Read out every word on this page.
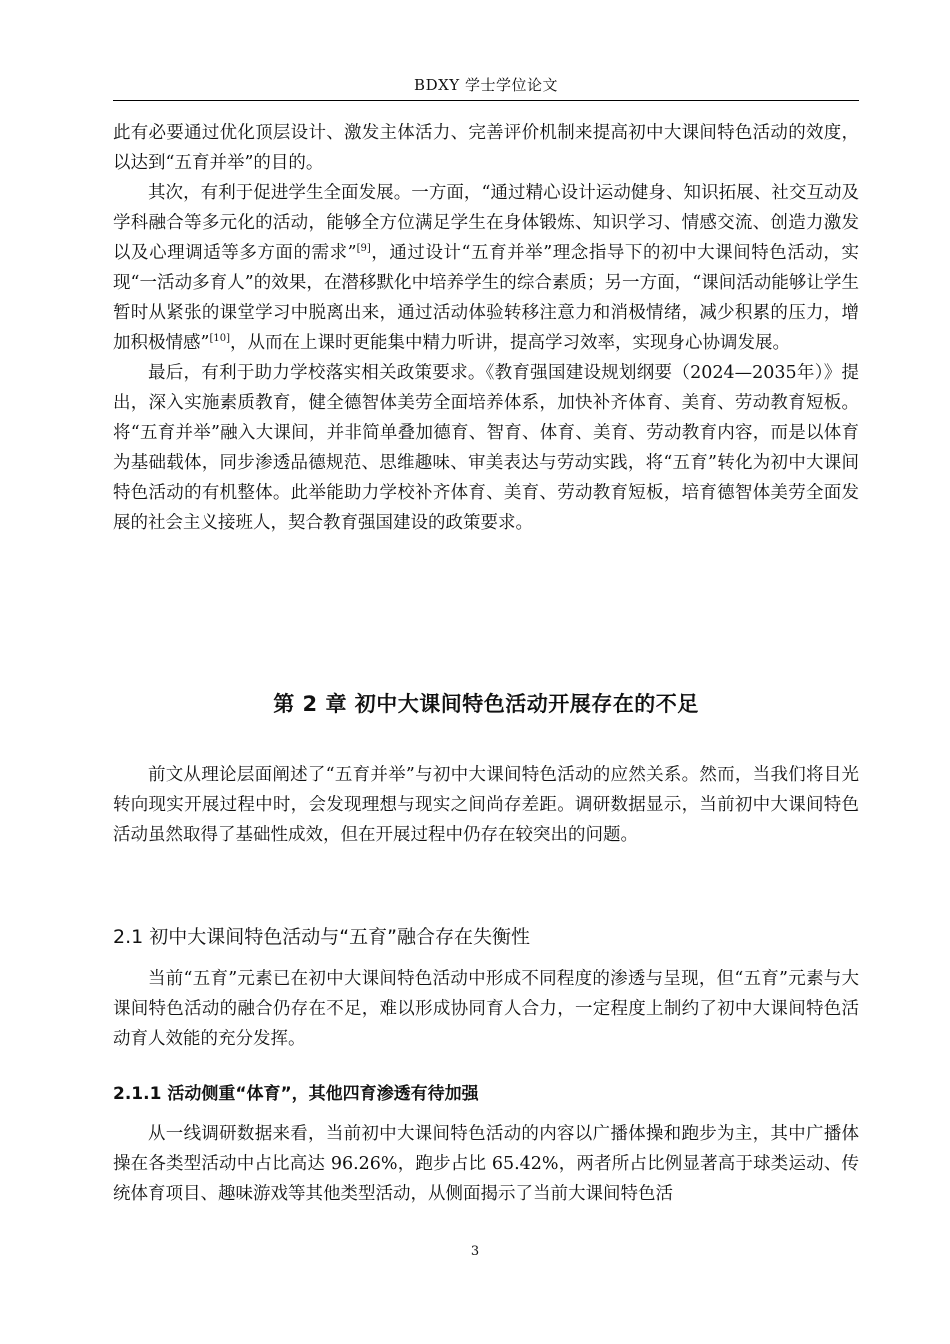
BDXY 学士学位论文

此有必要通过优化顶层设计、激发主体活力、完善评价机制来提高初中大课间特色活动的效度，以达到“五育并举”的目的。

其次，有利于促进学生全面发展。一方面，“通过精心设计运动健身、知识拓展、社交互动及学科融合等多元化的活动，能够全方位满足学生在身体锻炼、知识学习、情感交流、创造力激发以及心理调适等多方面的需求”[9]，通过设计“五育并举”理念指导下的初中大课间特色活动，实现“一活动多育人”的效果，在潜移默化中培养学生的综合素质；另一方面，“课间活动能够让学生暂时从紧张的课堂学习中脱离出来，通过活动体验转移注意力和消极情绪，减少积累的压力，增加积极情感”[10]，从而在上课时更能集中精力听讲，提高学习效率，实现身心协调发展。

最后，有利于助力学校落实相关政策要求。《教育强国建设规划纲要（2024—2035年）》提出，深入实施素质教育，健全德智体美劳全面培养体系，加快补齐体育、美育、劳动教育短板。将“五育并举”融入大课间，并非简单叠加德育、智育、体育、美育、劳动教育内容，而是以体育为基础载体，同步渗透品德规范、思维趣味、审美表达与劳动实践，将“五育”转化为初中大课间特色活动的有机整体。此举能助力学校补齐体育、美育、劳动教育短板，培育德智体美劳全面发展的社会主义接班人，契合教育强国建设的政策要求。

第 2 章 初中大课间特色活动开展存在的不足

前文从理论层面阐述了“五育并举”与初中大课间特色活动的应然关系。然而，当我们将目光转向现实开展过程中时，会发现理想与现实之间尚存差距。调研数据显示，当前初中大课间特色活动虽然取得了基础性成效，但在开展过程中仍存在较突出的问题。

2.1 初中大课间特色活动与“五育”融合存在失衡性

当前“五育”元素已在初中大课间特色活动中形成不同程度的渗透与呈现，但“五育”元素与大课间特色活动的融合仍存在不足，难以形成协同育人合力，一定程度上制约了初中大课间特色活动育人效能的充分发挥。

2.1.1 活动侧重“体育”，其他四育渗透有待加强

从一线调研数据来看，当前初中大课间特色活动的内容以广播体操和跑步为主，其中广播体操在各类型活动中占比高达 96.26%，跑步占比 65.42%，两者所占比例显著高于球类运动、传统体育项目、趣味游戏等其他类型活动，从侧面揭示了当前大课间特色活

3
